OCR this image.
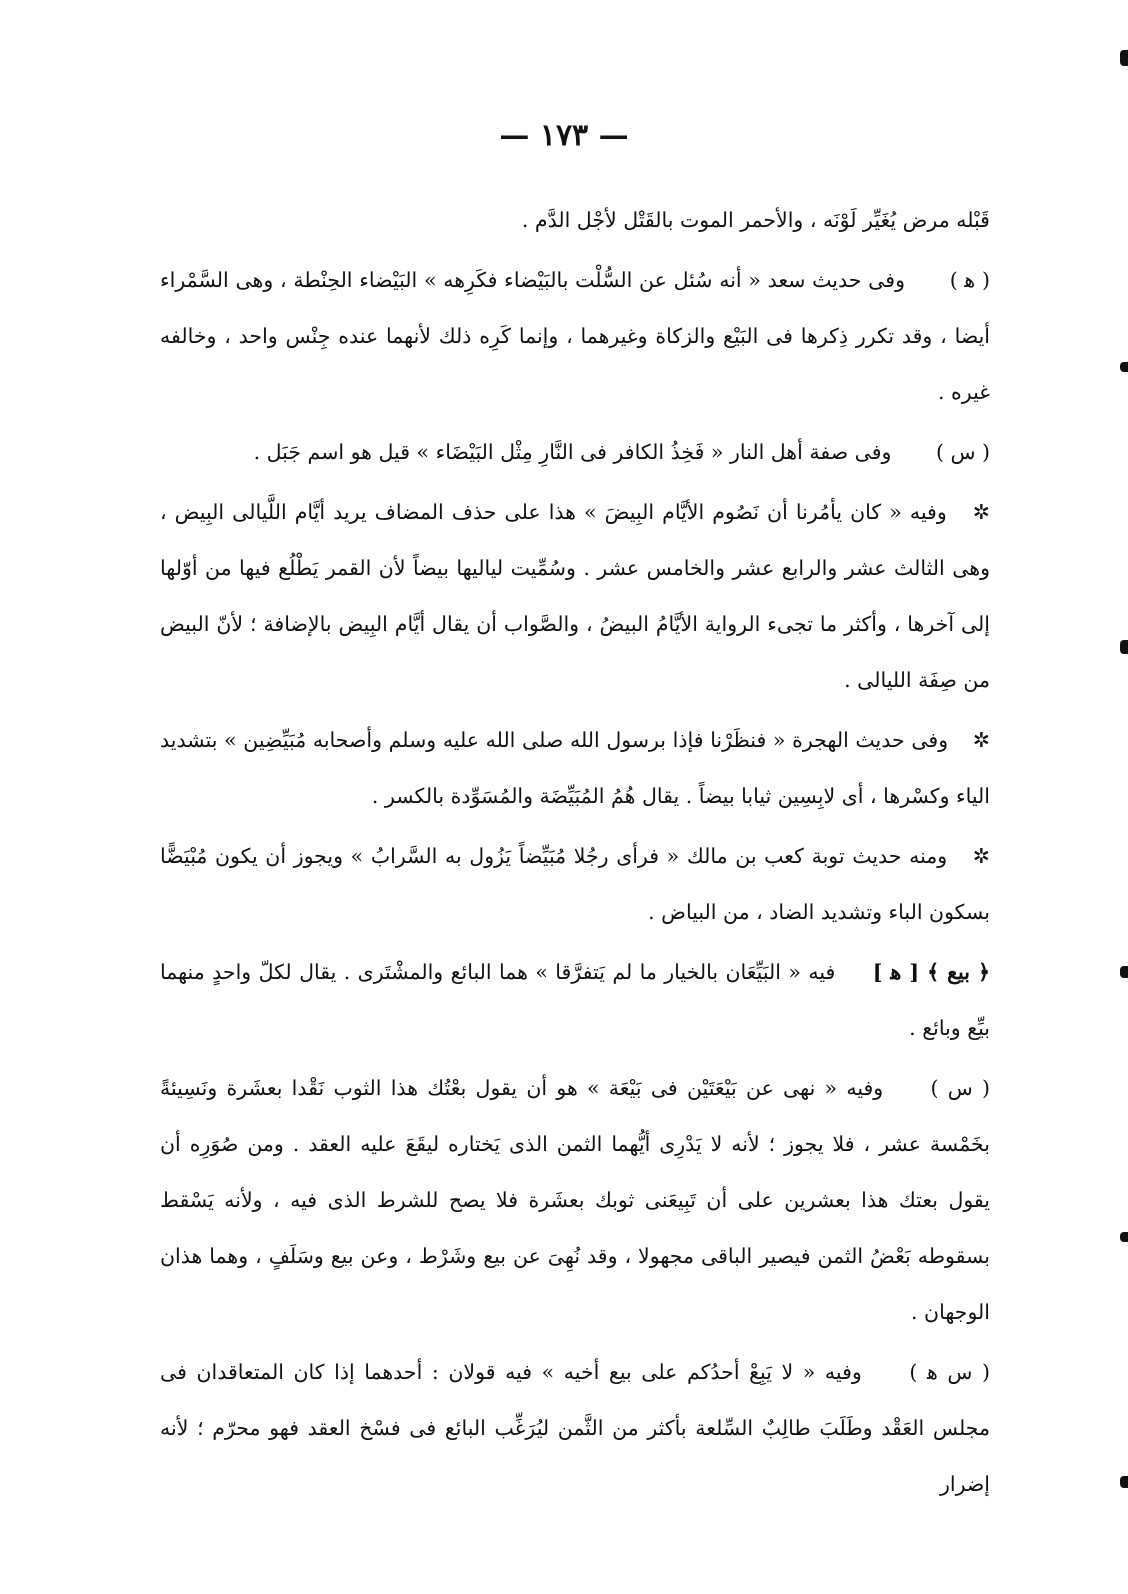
— ١٧٣ —

قَبْله مرض يُغَيِّر لَوْنَه ، والأحمر الموت بالقَتْل لأجْل الدَّم .

( ﻫ ) وفى حديث سعد « أنه سُئل عن السُّلْت بالبَيْضاء فكَرِهه » البَيْضاء الحِنْطة ، وهى السَّمْراء أيضا ، وقد تكرر ذِكرها فى البَيْع والزكاة وغيرهما ، وإنما كَرِه ذلك لأنهما عنده جِنْس واحد ، وخالفه غيره .

( س ) وفى صفة أهل النار « فَخِذُ الكافر فى النَّارِ مِثْل البَيْضَاء » قيل هو اسم جَبَل .

✲ وفيه « كان يأمُرنا أن نَصُوم الأيَّام البِيضَ » هذا على حذف المضاف يريد أيَّام اللَّيالى البِيض ، وهى الثالث عشر والرابع عشر والخامس عشر . وسُمِّيت لياليها بيضاً لأن القمر يَطْلُع فيها من أوّلها إلى آخرها ، وأكثر ما تجىء الرواية الأيَّامُ البيضُ ، والصَّواب أن يقال أيَّام البِيض بالإضافة ؛ لأنّ البيض من صِفَة الليالى .

✲ وفى حديث الهجرة « فنظَرْنا فإذا برسول الله صلى الله عليه وسلم وأصحابه مُبَيِّضِين » بتشديد الياء وكسْرها ، أى لابِسِين ثيابا بيضاً . يقال هُمُ المُبَيِّضَة والمُسَوِّدة بالكسر .

✲ ومنه حديث توبة كعب بن مالك « فرأى رجُلا مُبَيِّضاً يَزُول به السَّرابُ » ويجوز أن يكون مُبْيَضًّا بسكون الباء وتشديد الضاد ، من البياض .

﴿ بيع ﴾ [ ﻫ ] فيه « البَيِّعَان بالخيار ما لم يَتفرَّقا » هما البائع والمشْتَرى . يقال لكلّ واحدٍ منهما بيِّع وبائع .

( س ) وفيه « نهى عن بَيْعَتَيْن فى بَيْعَة » هو أن يقول بعْتُك هذا الثوب نَقْدا بعشَرة ونَسِيئةً بخَمْسة عشر ، فلا يجوز ؛ لأنه لا يَدْرِى أيُّهما الثمن الذى يَختاره ليقَعَ عليه العقد . ومن صُوَرِه أن يقول بعتك هذا بعشرين على أن تَبِيعَنى ثوبك بعشَرة فلا يصح للشرط الذى فيه ، ولأنه يَسْقط بسقوطه بَعْضُ الثمن فيصير الباقى مجهولا ، وقد نُهِىَ عن بيع وشَرْط ، وعن بيع وسَلَفٍ ، وهما هذان الوجهان .

( س ﻫ ) وفيه « لا يَبِعْ أحدُكم على بيع أخيه » فيه قولان : أحدهما إذا كان المتعاقدان فى مجلس العَقْد وطَلَبَ طالِبٌ السِّلعة بأكثر من الثَّمن ليُرَغِّب البائع فى فسْخ العقد فهو محرّم ؛ لأنه إضرار
